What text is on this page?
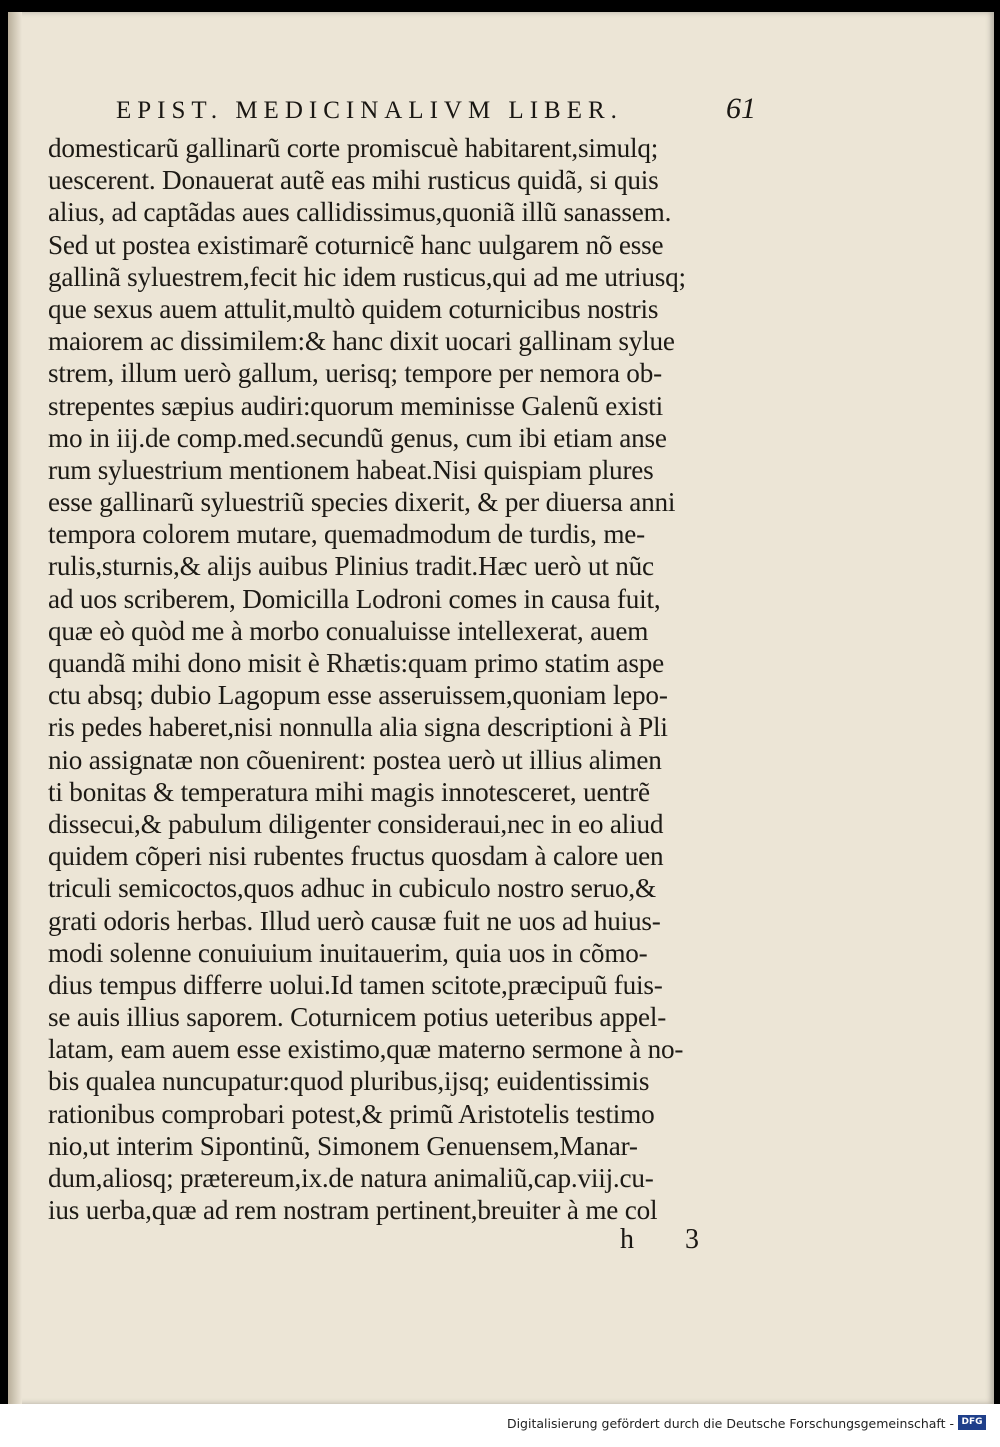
EPIST. MEDICINALIVM LIBER.	61
domesticarũ gallinarũ corte promiscuè habitarent,simulq;
uescerent. Donauerat autẽ eas mihi rusticus quidã, si quis
alius, ad captãdas aues callidissimus,quoniã illũ sanassem.
Sed ut postea existimarẽ coturnicẽ hanc uulgarem nõ esse
gallinã syluestrem,fecit hic idem rusticus,qui ad me utriusq;
que sexus auem attulit,multò quidem coturnicibus nostris
maiorem ac dissimilem:& hanc dixit uocari gallinam sylue
strem, illum uerò gallum, uerisq; tempore per nemora ob-
strepentes sæpius audiri:quorum meminisse Galenũ existi
mo in iij.de comp.med.secundũ genus, cum ibi etiam anse
rum syluestrium mentionem habeat.Nisi quispiam plures
esse gallinarũ syluestriũ species dixerit, & per diuersa anni
tempora colorem mutare, quemadmodum de turdis, me-
rulis,sturnis,& alijs auibus Plinius tradit.Hæc uerò ut nũc
ad uos scriberem, Domicilla Lodroni comes in causa fuit,
quæ eò quòd me à morbo conualuisse intellexerat, auem
quandã mihi dono misit è Rhætis:quam primo statim aspe
ctu absq; dubio Lagopum esse asseruissem,quoniam lepo-
ris pedes haberet,nisi nonnulla alia signa descriptioni à Pli
nio assignatæ non cõuenirent: postea uerò ut illius alimen
ti bonitas & temperatura mihi magis innotesceret, uentrẽ
dissecui,& pabulum diligenter consideraui,nec in eo aliud
quidem cõperi nisi rubentes fructus quosdam à calore uen
triculi semicoctos,quos adhuc in cubiculo nostro seruo,&
grati odoris herbas. Illud uerò causæ fuit ne uos ad huius-
modi solenne conuiuium inuitauerim, quia uos in cõmo-
dius tempus differre uolui.Id tamen scitote,præcipuũ fuis-
se auis illius saporem. Coturnicem potius ueteribus appel-
latam, eam auem esse existimo,quæ materno sermone à no-
bis qualea nuncupatur:quod pluribus,ijsq; euidentissimis
rationibus comprobari potest,& primũ Aristotelis testimo
nio,ut interim Sipontinũ, Simonem Genuensem,Manar-
dum,aliosq; prætereum,ix.de natura animaliũ,cap.viij.cu-
ius uerba,quæ ad rem nostram pertinent,breuiter à me col
h 3
Digitalisierung gefördert durch die Deutsche Forschungsgemeinschaft - DFG
